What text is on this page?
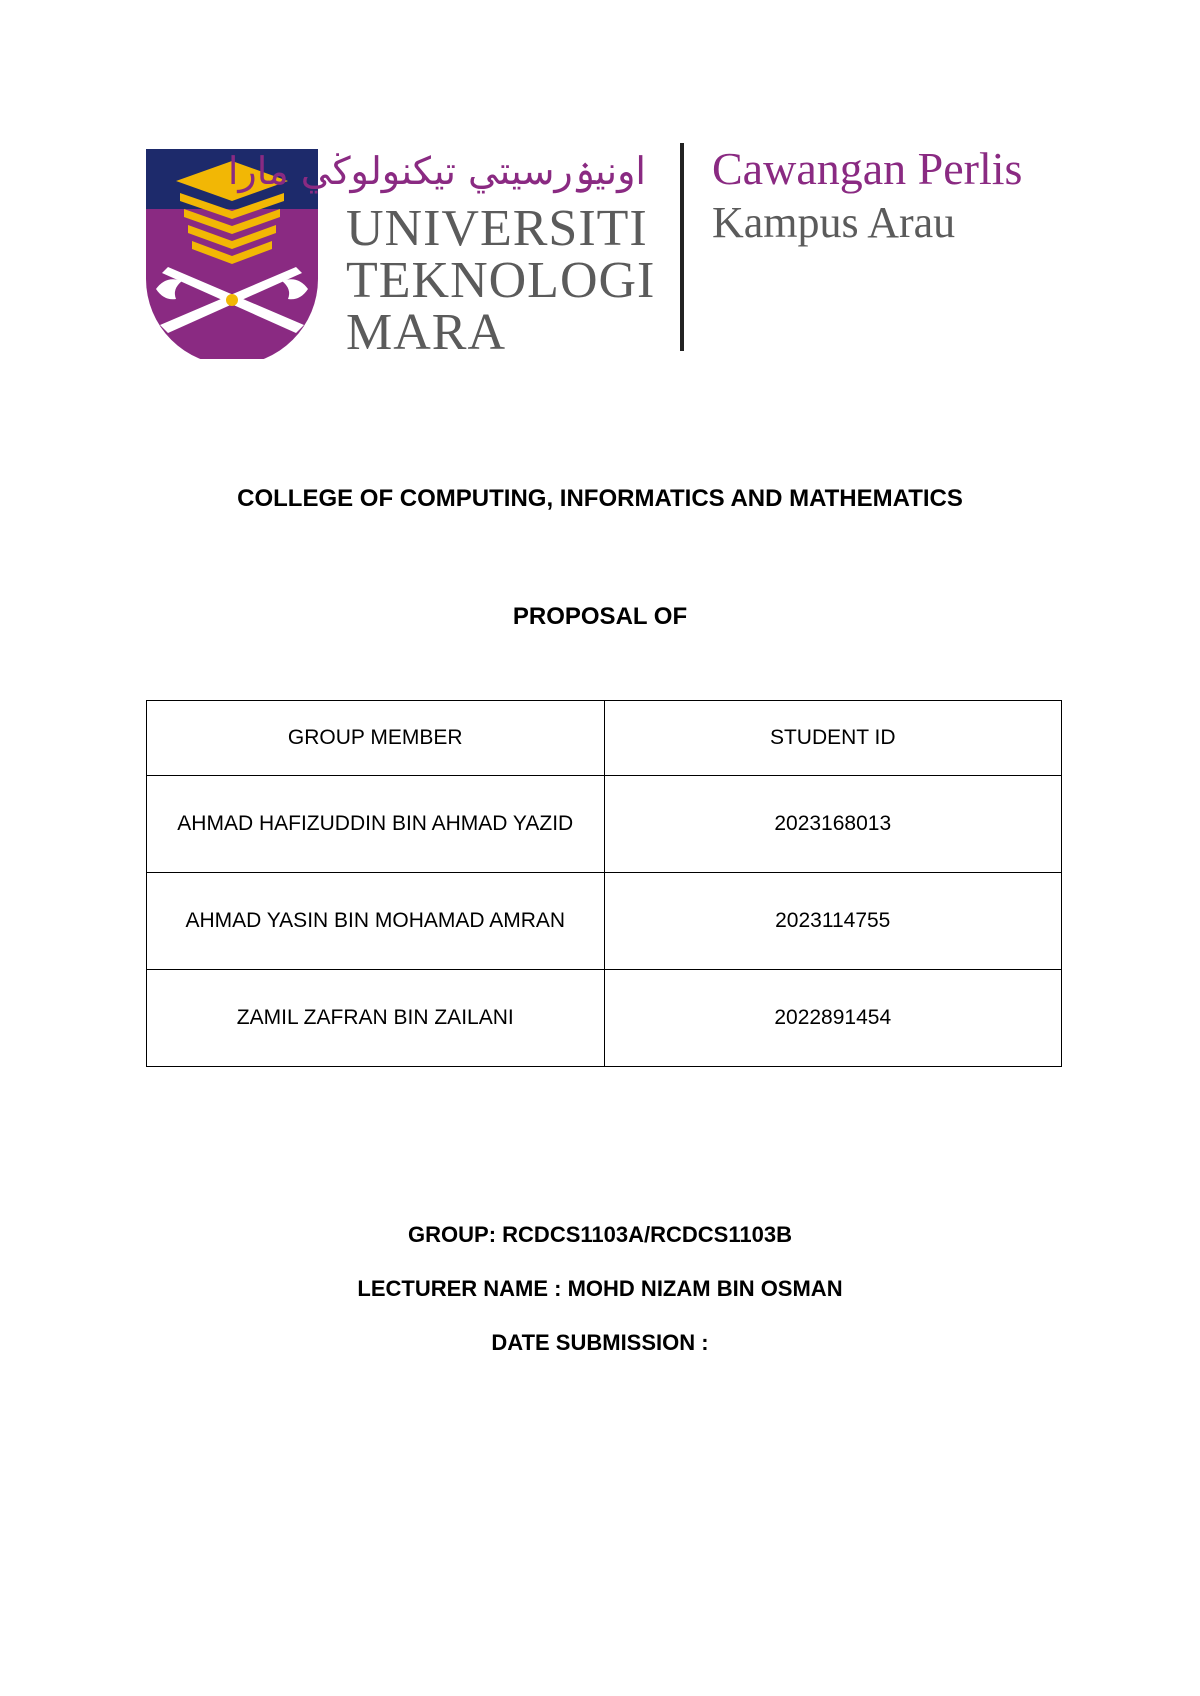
اونيۏرسيتي تيكنولوڬي مارا
UNIVERSITI
TEKNOLOGI
MARA
Cawangan Perlis
Kampus Arau
COLLEGE OF COMPUTING, INFORMATICS AND MATHEMATICS
PROPOSAL OF
GROUP MEMBER	STUDENT ID
AHMAD HAFIZUDDIN BIN AHMAD YAZID	2023168013
AHMAD YASIN BIN MOHAMAD AMRAN	2023114755
ZAMIL ZAFRAN BIN ZAILANI	2022891454
GROUP: RCDCS1103A/RCDCS1103B
LECTURER NAME : MOHD NIZAM BIN OSMAN
DATE SUBMISSION :
